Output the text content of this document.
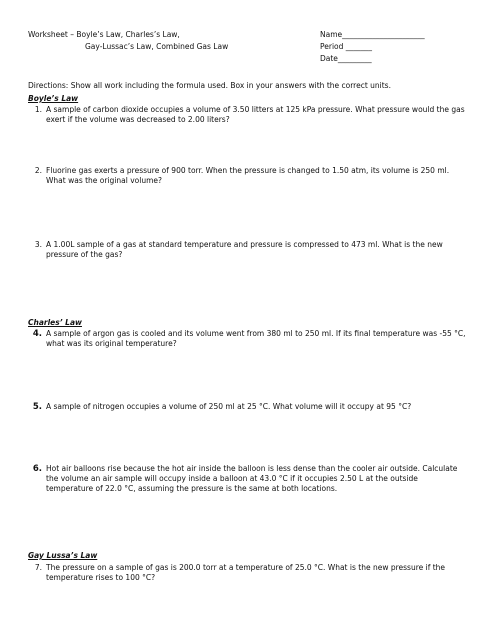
Worksheet – Boyle’s Law, Charles’s Law,
Gay-Lussac’s Law, Combined Gas Law
Name______________________
Period _______
Date_________
Directions: Show all work including the formula used. Box in your answers with the correct units.
Boyle’s Law
1. A sample of carbon dioxide occupies a volume of 3.50 litters at 125 kPa pressure. What pressure would the gas exert if the volume was decreased to 2.00 liters?
2. Fluorine gas exerts a pressure of 900 torr. When the pressure is changed to 1.50 atm, its volume is 250 ml. What was the original volume?
3. A 1.00L sample of a gas at standard temperature and pressure is compressed to 473 ml. What is the new pressure of the gas?
Charles’ Law
4. A sample of argon gas is cooled and its volume went from 380 ml to 250 ml. If its final temperature was -55 °C, what was its original temperature?
5. A sample of nitrogen occupies a volume of 250 ml at 25 °C. What volume will it occupy at 95 °C?
6. Hot air balloons rise because the hot air inside the balloon is less dense than the cooler air outside. Calculate the volume an air sample will occupy inside a balloon at 43.0 °C if it occupies 2.50 L at the outside temperature of 22.0 °C, assuming the pressure is the same at both locations.
Gay Lussa’s Law
7. The pressure on a sample of gas is 200.0 torr at a temperature of 25.0 °C. What is the new pressure if the temperature rises to 100 °C?
